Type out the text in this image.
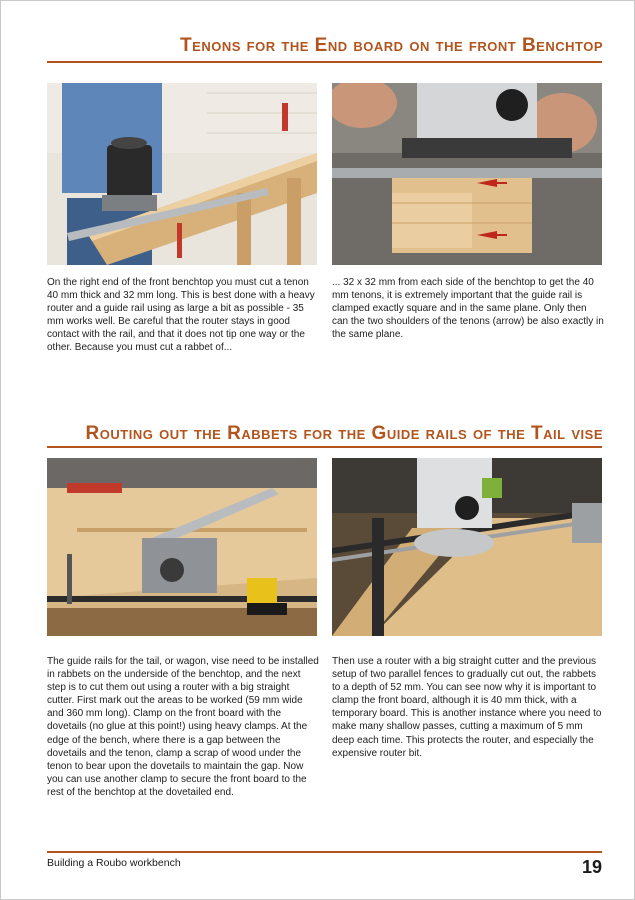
Tenons for the End board on the front Benchtop
On the right end of the front benchtop you must cut a tenon 40 mm thick and 32 mm long. This is best done with a heavy router and a guide rail using as large a bit as possible - 35 mm works well. Be careful that the router stays in good contact with the rail, and that it does not tip one way or the other. Because you must cut a rabbet of...
... 32 x 32 mm from each side of the benchtop to get the 40 mm tenons, it is extremely important that the guide rail is clamped exactly square and in the same plane. Only then can the two shoulders of the tenons (arrow) be also exactly in the same plane.
Routing out the Rabbets for the Guide rails of the Tail vise
The guide rails for the tail, or wagon, vise need to be installed in rabbets on the underside of the benchtop, and the next step is to cut them out using a router with a big straight cutter. First mark out the areas to be worked (59 mm wide and 360 mm long). Clamp on the front board with the dovetails (no glue at this point!) using heavy clamps. At the edge of the bench, where there is a gap between the dovetails and the tenon, clamp a scrap of wood under the tenon to bear upon the dovetails to maintain the gap. Now you can use another clamp to secure the front board to the rest of the benchtop at the dovetailed end.
Then use a router with a big straight cutter and the previous setup of two parallel fences to gradually cut out, the rabbets to a depth of 52 mm. You can see now why it is important to clamp the front board, although it is 40 mm thick, with a temporary board. This is another instance where you need to make many shallow passes, cutting a maximum of 5 mm deep each time. This protects the router, and especially the expensive router bit.
Building a Roubo workbench	19
